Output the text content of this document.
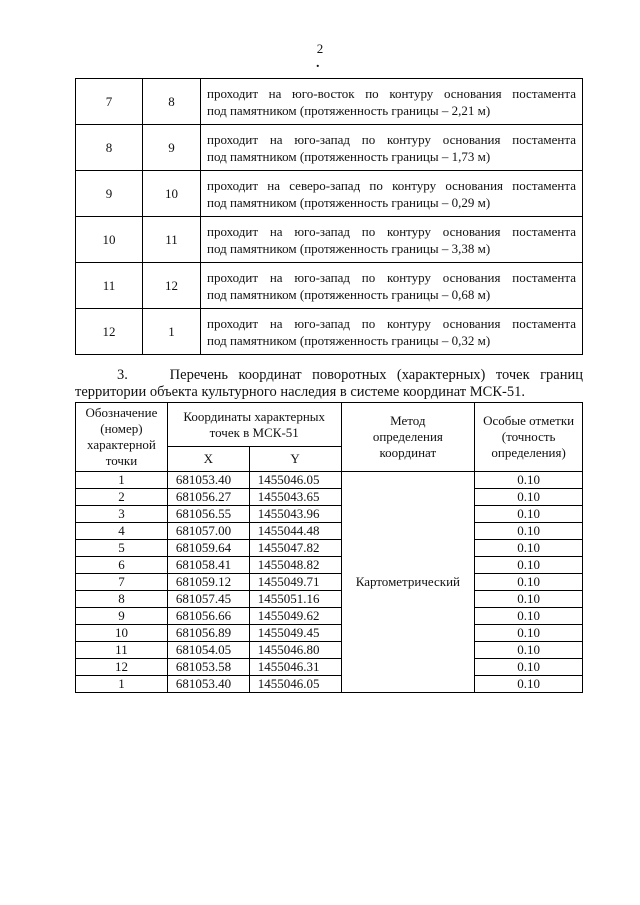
2
.
7	8	проходит на юго-восток по контуру основания постамента
под памятником (протяженность границы – 2,21 м)

8	9	проходит на юго-запад по контуру основания постамента
под памятником (протяженность границы – 1,73 м)

9	10	проходит на северо-запад по контуру основания постамента
под памятником (протяженность границы – 0,29 м)

10	11	проходит на юго-запад по контуру основания постамента
под памятником (протяженность границы – 3,38 м)

11	12	проходит на юго-запад по контуру основания постамента
под памятником (протяженность границы – 0,68 м)

12	1	проходит на юго-запад по контуру основания постамента
под памятником (протяженность границы – 0,32 м)
3.    Перечень координат поворотных (характерных) точек границ
территории объекта культурного наследия в системе координат МСК-51.
Обозначение (номер) характерной точки	Координаты характерных точек в МСК-51		Метод определения координат	Особые отметки (точность определения)
	X	Y		
1	681053.40	1455046.05	Картометрический	0.10
2	681056.27	1455043.65		0.10
3	681056.55	1455043.96		0.10
4	681057.00	1455044.48		0.10
5	681059.64	1455047.82		0.10
6	681058.41	1455048.82		0.10
7	681059.12	1455049.71		0.10
8	681057.45	1455051.16		0.10
9	681056.66	1455049.62		0.10
10	681056.89	1455049.45		0.10
11	681054.05	1455046.80		0.10
12	681053.58	1455046.31		0.10
1	681053.40	1455046.05		0.10
